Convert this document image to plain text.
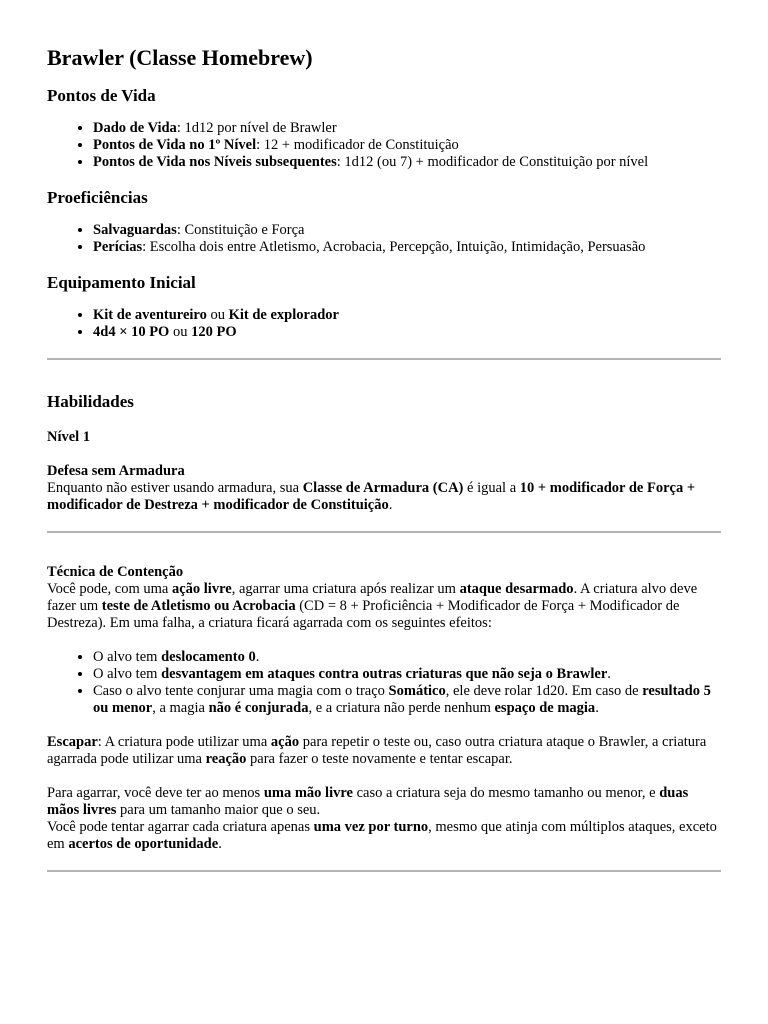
Brawler (Classe Homebrew)
Pontos de Vida
• Dado de Vida: 1d12 por nível de Brawler
• Pontos de Vida no 1º Nível: 12 + modificador de Constituição
• Pontos de Vida nos Níveis subsequentes: 1d12 (ou 7) + modificador de Constituição por nível
Proeficiências
• Salvaguardas: Constituição e Força
• Perícias: Escolha dois entre Atletismo, Acrobacia, Percepção, Intuição, Intimidação, Persuasão
Equipamento Inicial
• Kit de aventureiro ou Kit de explorador
• 4d4 × 10 PO ou 120 PO
Habilidades
Nível 1
Defesa sem Armadura

Enquanto não estiver usando armadura, sua Classe de Armadura (CA) é igual a 10 + modificador de Força + modificador de Destreza + modificador de Constituição.

Técnica de Contenção

Você pode, com uma ação livre, agarrar uma criatura após realizar um ataque desarmado. A criatura alvo deve fazer um teste de Atletismo ou Acrobacia (CD = 8 + Proficiência + Modificador de Força + Modificador de Destreza). Em uma falha, a criatura ficará agarrada com os seguintes efeitos:

• O alvo tem deslocamento 0.
• O alvo tem desvantagem em ataques contra outras criaturas que não seja o Brawler.
• Caso o alvo tente conjurar uma magia com o traço Somático, ele deve rolar 1d20. Em caso de resultado 5 ou menor, a magia não é conjurada, e a criatura não perde nenhum espaço de magia.

Escapar: A criatura pode utilizar uma ação para repetir o teste ou, caso outra criatura ataque o Brawler, a criatura agarrada pode utilizar uma reação para fazer o teste novamente e tentar escapar.

Para agarrar, você deve ter ao menos uma mão livre caso a criatura seja do mesmo tamanho ou menor, e duas mãos livres para um tamanho maior que o seu.

Você pode tentar agarrar cada criatura apenas uma vez por turno, mesmo que atinja com múltiplos ataques, exceto em acertos de oportunidade.
